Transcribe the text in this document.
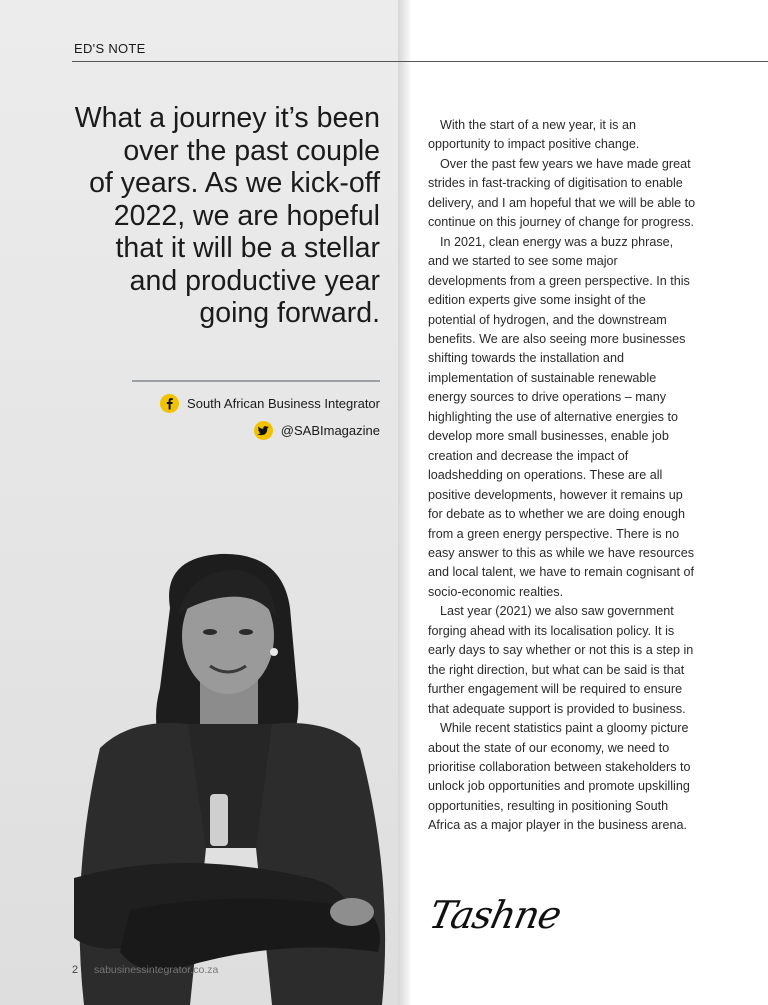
ED'S NOTE
What a journey it’s been
over the past couple
of years. As we kick-off
2022, we are hopeful
that it will be a stellar
and productive year
going forward.
South African Business Integrator
@SABImagazine

With the start of a new year, it is an opportunity to impact positive change.

Over the past few years we have made great strides in fast-tracking of digitisation to enable delivery, and I am hopeful that we will be able to continue on this journey of change for progress.

In 2021, clean energy was a buzz phrase, and we started to see some major developments from a green perspective. In this edition experts give some insight of the potential of hydrogen, and the downstream benefits. We are also seeing more businesses shifting towards the installation and implementation of sustainable renewable energy sources to drive operations – many highlighting the use of alternative energies to develop more small businesses, enable job creation and decrease the impact of loadshedding on operations. These are all positive developments, however it remains up for debate as to whether we are doing enough from a green energy perspective. There is no easy answer to this as while we have resources and local talent, we have to remain cognisant of socio-economic realties.

Last year (2021) we also saw government forging ahead with its localisation policy. It is early days to say whether or not this is a step in the right direction, but what can be said is that further engagement will be required to ensure that adequate support is provided to business.

While recent statistics paint a gloomy picture about the state of our economy, we need to prioritise collaboration between stakeholders to unlock job opportunities and promote upskilling opportunities, resulting in positioning South Africa as a major player in the business arena.

Tashne
2 sabusinessintegrator.co.za
